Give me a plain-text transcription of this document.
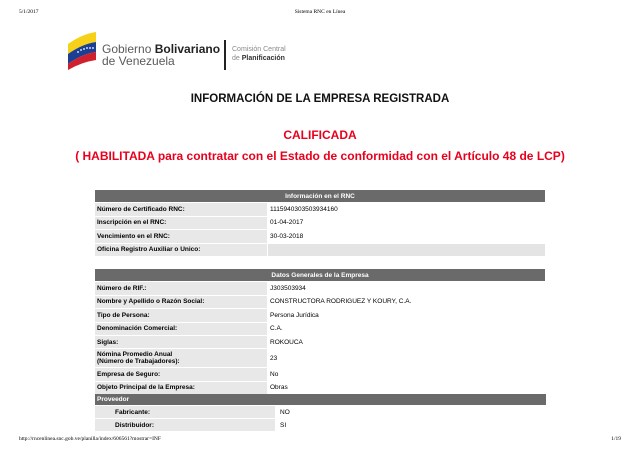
5/1/2017	Sistema RNC en Línea
Gobierno Bolivariano
de Venezuela
Comisión Central
de Planificación
INFORMACIÓN DE LA EMPRESA REGISTRADA
CALIFICADA
( HABILITADA para contratar con el Estado de conformidad con el Artículo 48 de LCP)
Información en el RNC	
Número de Certificado RNC:	11159403035039341​60
Inscripción en el RNC:	01-04-2017
Vencimiento en el RNC:	30-03-2018
Oficina Registro Auxiliar o Unico:	
Datos Generales de la Empresa	
Número de RIF.:	J303503934
Nombre y Apellido o Razón Social:	CONSTRUCTORA RODRIGUEZ Y KOURY, C.A.
Tipo de Persona:	Persona Jurídica
Denominación Comercial:	C.A.
Siglas:	ROKOUCA
Nómina Promedio Anual
(Número de Trabajadores):	23
Empresa de Seguro:	No
Objeto Principal de la Empresa:	Obras
Proveedor
Fabricante:	NO
Distribuidor:	SI
http://rncenlinea.snc.gob.ve/planilla/index/606561?mostrar=INF	1/19
